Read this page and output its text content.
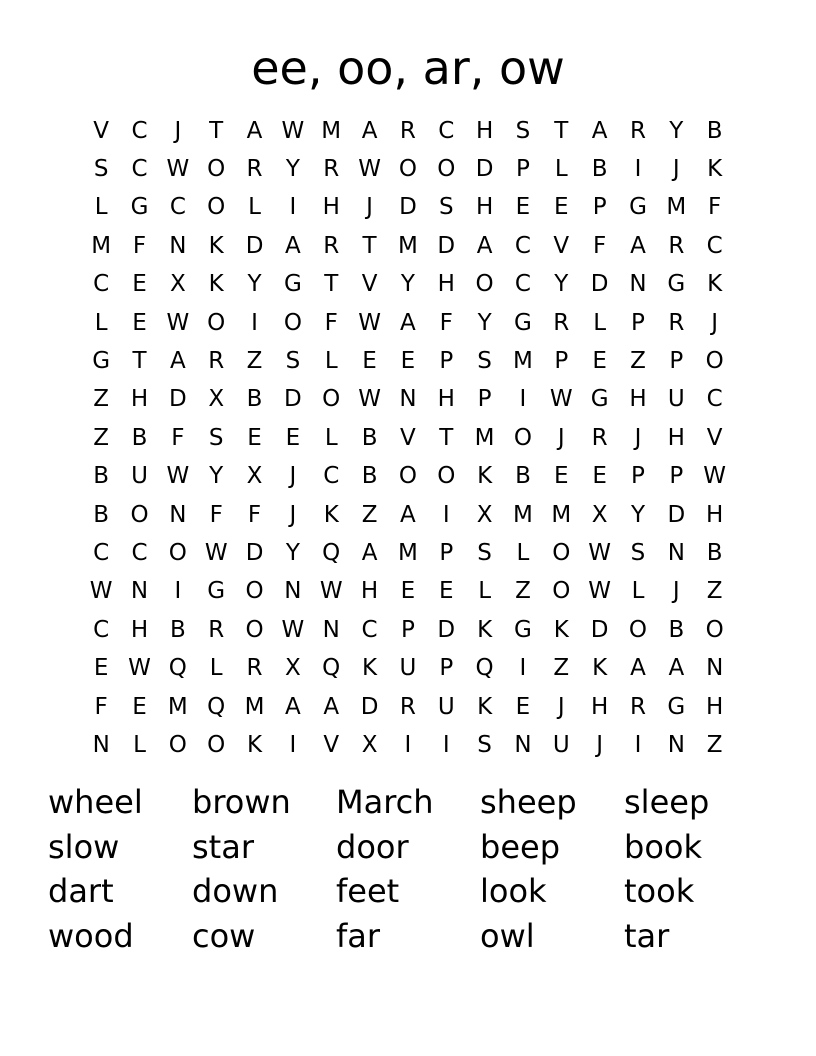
ee, oo, ar, ow
V C	J	T	A W M A R C H S	T	A R	Y	B
S	C W O R	Y	R W O O D P	L	B	I	J	K
L	G C O L	I	H	J	D S H E	E	P G M F
M F	N K D A R	T M D A C V	F	A R C
C	E	X K	Y G T	V	Y H O C	Y D N G K
L	E W O	I	O F W A	F	Y G R	L	P	R	J
G T	A R Z	S	L	E	E	P	S M P	E	Z	P O
Z H D X B D O W N H P	I	W G H U C
Z B	F	S	E	E	L	B V	T M O	J	R	J	H V
B U W Y	X	J	C B O O K B	E	E	P	P W
B O N	F	F	J	K Z A	I	X M M X	Y D H
C C O W D Y Q A M P	S	L O W S N B
W N	I	G O N W H E	E	L	Z O W L	J	Z
C H B R O W N C	P D K G K D O B O
E W Q L	R X Q K U P Q	I	Z K A A N
F	E M Q M A A D R U K	E	J	H R G H
N	L O O K	I	V X	I	I	S N U	J	I	N Z
wheel	brown	March	sheep	sleep
slow	star	door	beep	book
dart	down	feet	look	took
wood	cow	far	owl	tar
